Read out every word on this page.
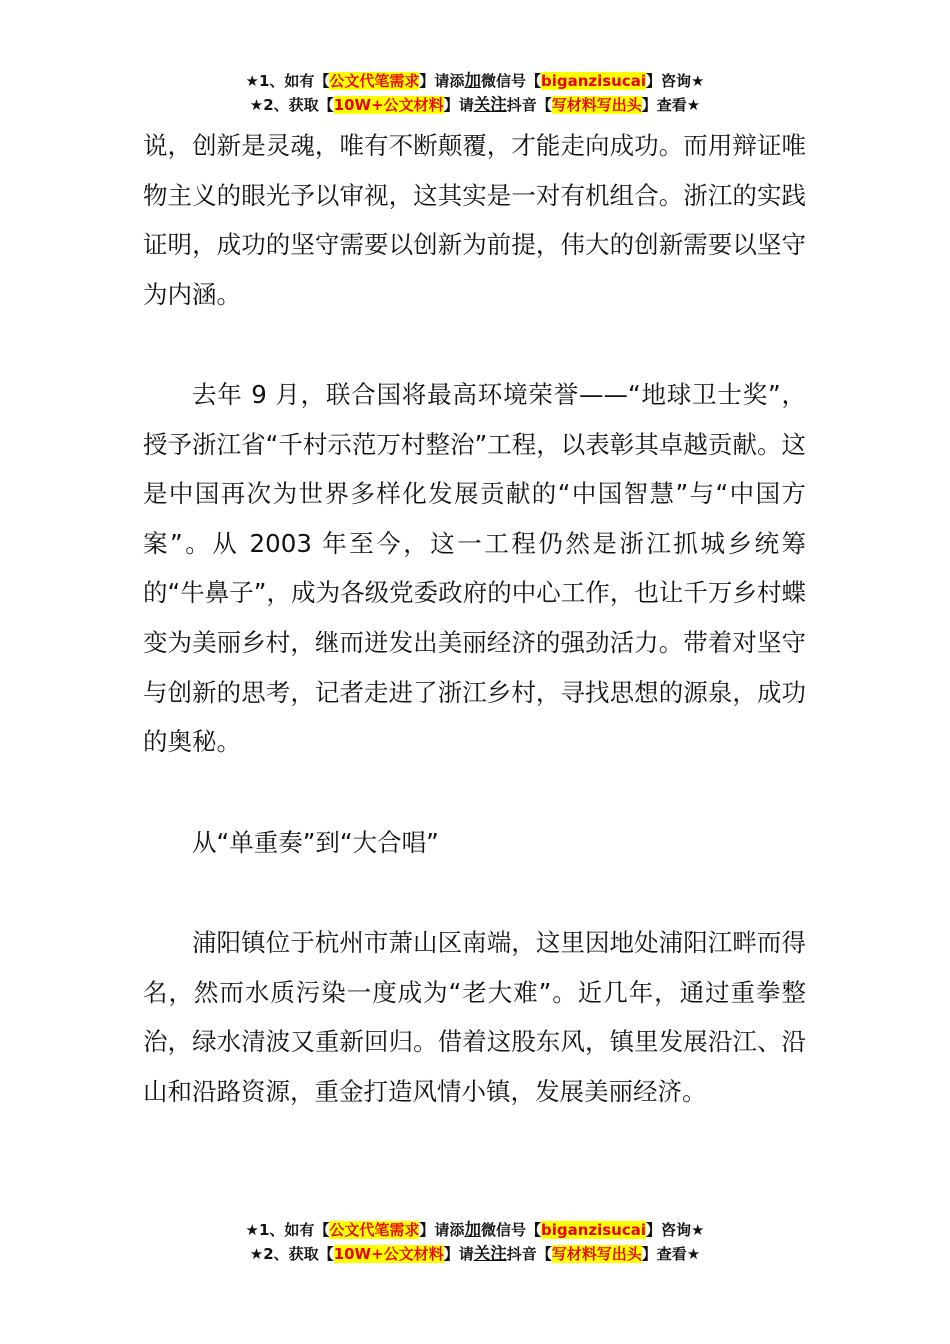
★1、如有【公文代笔需求】请添加微信号【biganzisucai】咨询★
★2、获取【10W+公文材料】请关注抖音【写材料写出头】查看★

说，创新是灵魂，唯有不断颠覆，才能走向成功。而用辩证唯物主义的眼光予以审视，这其实是一对有机组合。浙江的实践证明，成功的坚守需要以创新为前提，伟大的创新需要以坚守为内涵。

去年 9 月，联合国将最高环境荣誉——“地球卫士奖”，授予浙江省“千村示范万村整治”工程，以表彰其卓越贡献。这是中国再次为世界多样化发展贡献的“中国智慧”与“中国方案”。从 2003 年至今，这一工程仍然是浙江抓城乡统筹的“牛鼻子”，成为各级党委政府的中心工作，也让千万乡村蝶变为美丽乡村，继而迸发出美丽经济的强劲活力。带着对坚守与创新的思考，记者走进了浙江乡村，寻找思想的源泉，成功的奥秘。

从“单重奏”到“大合唱”

浦阳镇位于杭州市萧山区南端，这里因地处浦阳江畔而得名，然而水质污染一度成为“老大难”。近几年，通过重拳整治，绿水清波又重新回归。借着这股东风，镇里发展沿江、沿山和沿路资源，重金打造风情小镇，发展美丽经济。

★1、如有【公文代笔需求】请添加微信号【biganzisucai】咨询★
★2、获取【10W+公文材料】请关注抖音【写材料写出头】查看★
